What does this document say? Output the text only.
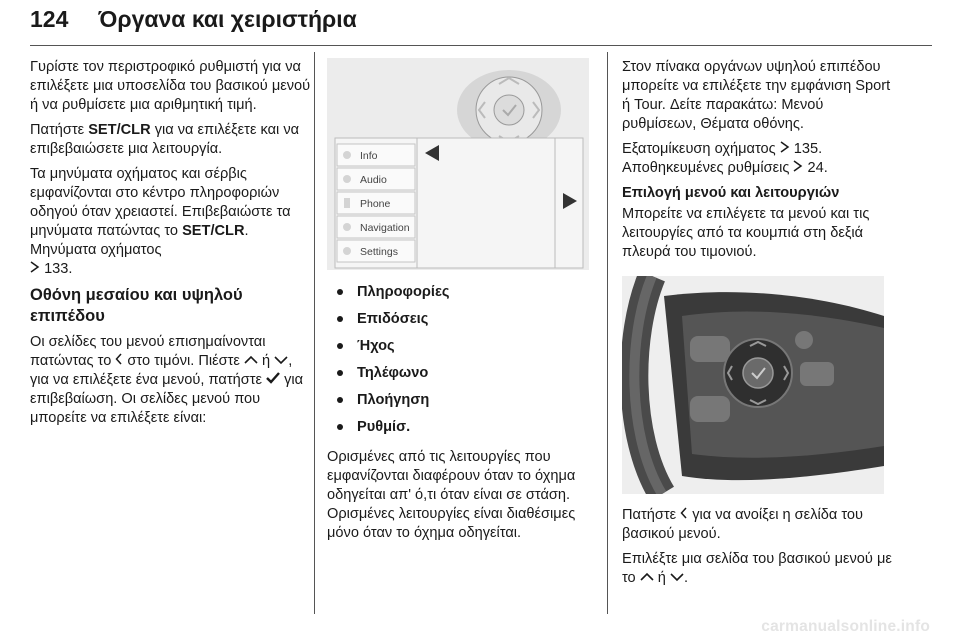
124 Όργανα και χειριστήρια

Γυρίστε τον περιστροφικό ρυθμιστή για να επιλέξετε μια υποσελίδα του βασικού μενού ή να ρυθμίσετε μια αριθμητική τιμή.

Πατήστε SET/CLR για να επιλέξετε και να επιβεβαιώσετε μια λειτουργία.

Τα μηνύματα οχήματος και σέρβις εμφανίζονται στο κέντρο πληροφοριών οδηγού όταν χρειαστεί. Επιβεβαιώστε τα μηνύματα πατώντας το SET/CLR. Μηνύματα οχήματος
133.

Οθόνη μεσαίου και υψηλού επιπέδου

Οι σελίδες του μενού επισημαίνονται πατώντας το  στο τιμόνι. Πιέστε  ή , για να επιλέξετε ένα μενού, πατήστε  για επιβεβαίωση. Οι σελίδες μενού που μπορείτε να επιλέξετε είναι:

Info
Audio
Phone
Navigation
Settings
Πληροφορίες
Επιδόσεις
Ήχος
Τηλέφωνο
Πλοήγηση
Ρυθμίσ.

Ορισμένες από τις λειτουργίες που εμφανίζονται διαφέρουν όταν το όχημα οδηγείται απ' ό,τι όταν είναι σε στάση. Ορισμένες λειτουργίες είναι διαθέσιμες μόνο όταν το όχημα οδηγείται.

Στον πίνακα οργάνων υψηλού επιπέδου μπορείτε να επιλέξετε την εμφάνιση Sport ή Tour. Δείτε παρακάτω: Μενού ρυθμίσεων, Θέματα οθόνης.

Εξατομίκευση οχήματος 135.
Αποθηκευμένες ρυθμίσεις 24.

Επιλογή μενού και λειτουργιών

Μπορείτε να επιλέγετε τα μενού και τις λειτουργίες από τα κουμπιά στη δεξιά πλευρά του τιμονιού.

Πατήστε  για να ανοίξει η σελίδα του βασικού μενού.

Επιλέξτε μια σελίδα του βασικού μενού με το  ή .

carmanualsonline.info
